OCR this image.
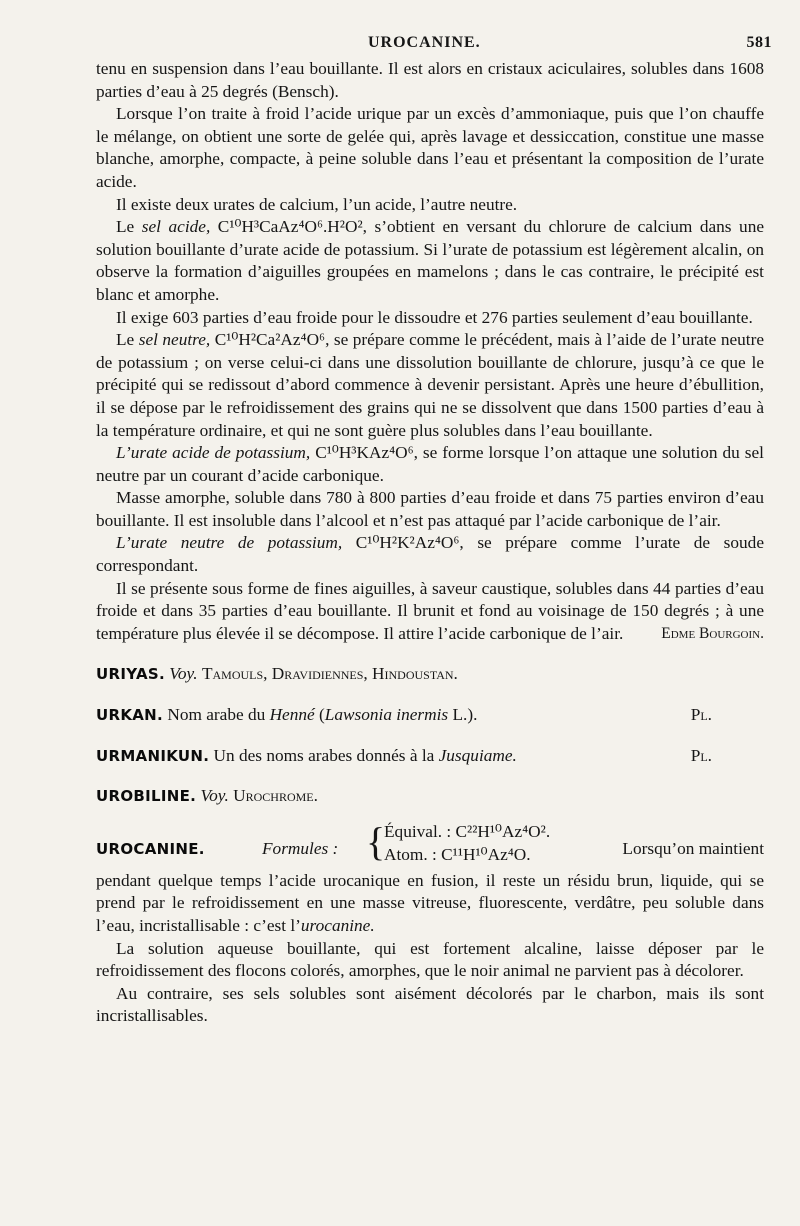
UROCANINE.	581

tenu en suspension dans l’eau bouillante. Il est alors en cristaux aciculaires, solubles dans 1608 parties d’eau à 25 degrés (Bensch).

Lorsque l’on traite à froid l’acide urique par un excès d’ammoniaque, puis que l’on chauffe le mélange, on obtient une sorte de gelée qui, après lavage et dessiccation, constitue une masse blanche, amorphe, compacte, à peine soluble dans l’eau et présentant la composition de l’urate acide.

Il existe deux urates de calcium, l’un acide, l’autre neutre.

Le sel acide, C¹⁰H³CaAz⁴O⁶.H²O², s’obtient en versant du chlorure de calcium dans une solution bouillante d’urate acide de potassium. Si l’urate de potassium est légèrement alcalin, on observe la formation d’aiguilles groupées en mamelons ; dans le cas contraire, le précipité est blanc et amorphe.

Il exige 603 parties d’eau froide pour le dissoudre et 276 parties seulement d’eau bouillante.

Le sel neutre, C¹⁰H²Ca²Az⁴O⁶, se prépare comme le précédent, mais à l’aide de l’urate neutre de potassium ; on verse celui-ci dans une dissolution bouillante de chlorure, jusqu’à ce que le précipité qui se redissout d’abord commence à devenir persistant. Après une heure d’ébullition, il se dépose par le refroidissement des grains qui ne se dissolvent que dans 1500 parties d’eau à la température ordinaire, et qui ne sont guère plus solubles dans l’eau bouillante.

L’urate acide de potassium, C¹⁰H³KAz⁴O⁶, se forme lorsque l’on attaque une solution du sel neutre par un courant d’acide carbonique.

Masse amorphe, soluble dans 780 à 800 parties d’eau froide et dans 75 parties environ d’eau bouillante. Il est insoluble dans l’alcool et n’est pas attaqué par l’acide carbonique de l’air.

L’urate neutre de potassium, C¹⁰H²K²Az⁴O⁶, se prépare comme l’urate de soude correspondant.

Il se présente sous forme de fines aiguilles, à saveur caustique, solubles dans 44 parties d’eau froide et dans 35 parties d’eau bouillante. Il brunit et fond au voisinage de 150 degrés ; à une température plus élevée il se décompose. Il attire l’acide carbonique de l’air.	Edme Bourgoin.

URIYAS. Voy. Tamouls, Dravidiennes, Hindoustan.

URKAN. Nom arabe du Henné (Lawsonia inermis L.).	Pl.

URMANIKUN. Un des noms arabes donnés à la Jusquiame.	Pl.

UROBILINE. Voy. Urochrome.

UROCANINE.	Formules : {
Équival. : C²²H¹⁰Az⁴O².
Atom. : C¹¹H¹⁰Az⁴O.	Lorsqu’on maintient

pendant quelque temps l’acide urocanique en fusion, il reste un résidu brun, liquide, qui se prend par le refroidissement en une masse vitreuse, fluorescente, verdâtre, peu soluble dans l’eau, incristallisable : c’est l’urocanine.

La solution aqueuse bouillante, qui est fortement alcaline, laisse déposer par le refroidissement des flocons colorés, amorphes, que le noir animal ne parvient pas à décolorer.

Au contraire, ses sels solubles sont aisément décolorés par le charbon, mais ils sont incristallisables.
